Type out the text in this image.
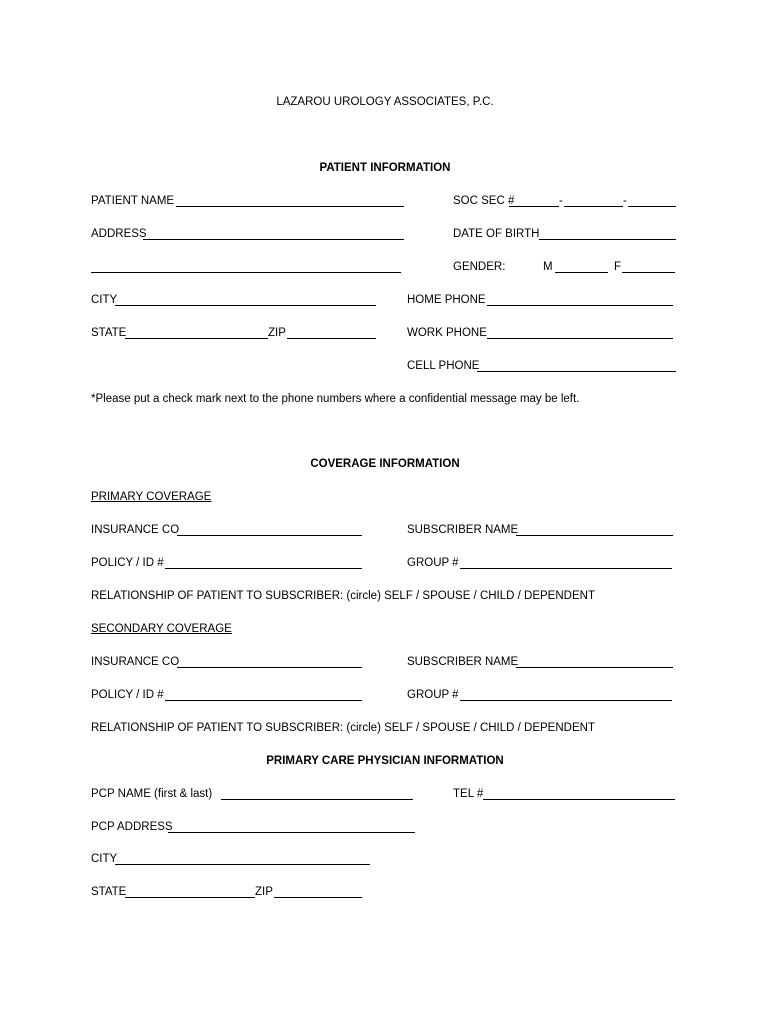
LAZAROU UROLOGY ASSOCIATES, P.C.
PATIENT INFORMATION
PATIENT NAME	SOC SEC #	-	-
ADDRESS	DATE OF BIRTH
GENDER:	M	F
CITY	HOME PHONE
STATE	ZIP	WORK PHONE
CELL PHONE
*Please put a check mark next to the phone numbers where a confidential message may be left.
COVERAGE INFORMATION
PRIMARY COVERAGE
INSURANCE CO	SUBSCRIBER NAME
POLICY / ID #	GROUP #
RELATIONSHIP OF PATIENT TO SUBSCRIBER: (circle) SELF / SPOUSE / CHILD / DEPENDENT
SECONDARY COVERAGE
INSURANCE CO	SUBSCRIBER NAME
POLICY / ID #	GROUP #
RELATIONSHIP OF PATIENT TO SUBSCRIBER: (circle) SELF / SPOUSE / CHILD / DEPENDENT
PRIMARY CARE PHYSICIAN INFORMATION
PCP NAME (first & last)	TEL #
PCP ADDRESS
CITY
STATE	ZIP
